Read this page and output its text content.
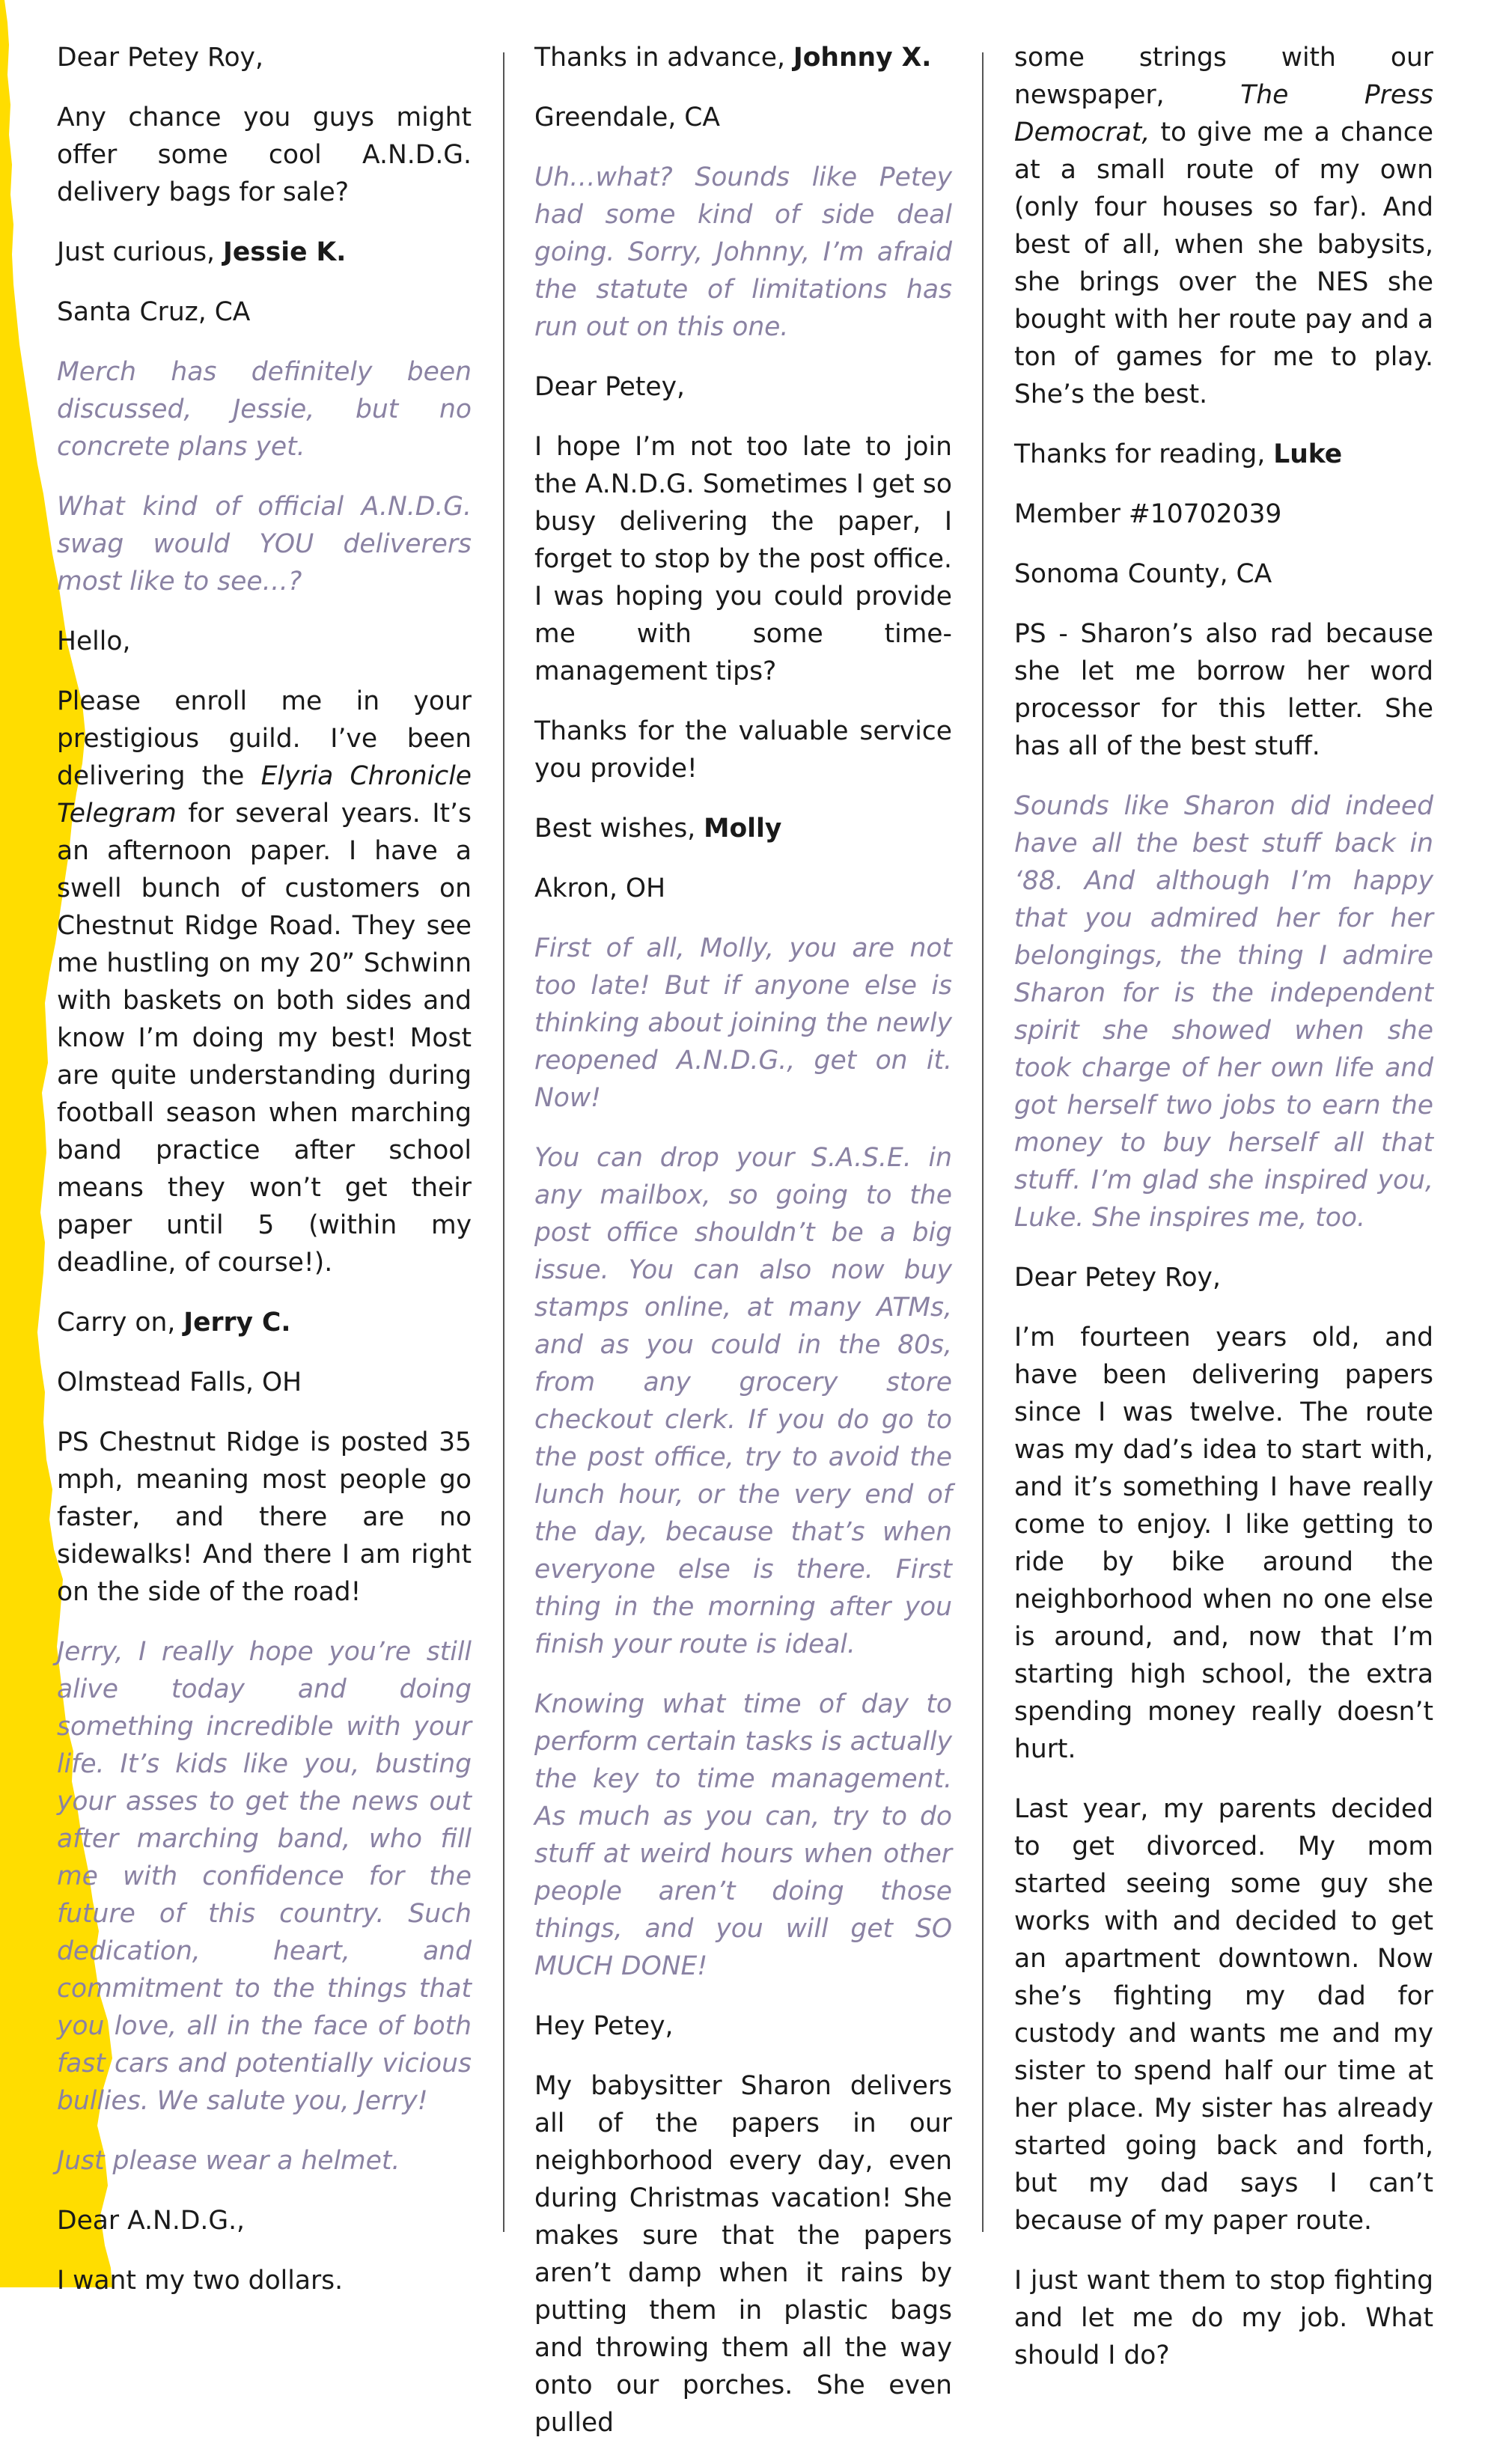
Dear Petey Roy,

Any chance you guys might offer some cool A.N.D.G. delivery bags for sale?

Just curious, Jessie K.

Santa Cruz, CA

Merch has definitely been discussed, Jessie, but no concrete plans yet.

What kind of official A.N.D.G. swag would YOU deliverers most like to see…?

Hello,

Please enroll me in your prestigious guild. I’ve been delivering the Elyria Chronicle Telegram for several years. It’s an afternoon paper. I have a swell bunch of customers on Chestnut Ridge Road. They see me hustling on my 20” Schwinn with baskets on both sides and know I’m doing my best! Most are quite understanding during football season when marching band practice after school means they won’t get their paper until 5 (within my deadline, of course!).

Carry on, Jerry C.

Olmstead Falls, OH

PS Chestnut Ridge is posted 35 mph, meaning most people go faster, and there are no sidewalks! And there I am right on the side of the road!

Jerry, I really hope you’re still alive today and doing something incredible with your life. It’s kids like you, busting your asses to get the news out after marching band, who fill me with confidence for the future of this country. Such dedication, heart, and commitment to the things that you love, all in the face of both fast cars and potentially vicious bullies. We salute you, Jerry!

Just please wear a helmet.

Dear A.N.D.G.,

I want my two dollars.

Thanks in advance, Johnny X.

Greendale, CA

Uh…what? Sounds like Petey had some kind of side deal going. Sorry, Johnny, I’m afraid the statute of limitations has run out on this one.

Dear Petey,

I hope I’m not too late to join the A.N.D.G. Sometimes I get so busy delivering the paper, I forget to stop by the post office. I was hoping you could provide me with some time-management tips?

Thanks for the valuable service you provide!

Best wishes, Molly

Akron, OH

First of all, Molly, you are not too late! But if anyone else is thinking about joining the newly reopened A.N.D.G., get on it. Now!

You can drop your S.A.S.E. in any mailbox, so going to the post office shouldn’t be a big issue. You can also now buy stamps online, at many ATMs, and as you could in the 80s, from any grocery store checkout clerk. If you do go to the post office, try to avoid the lunch hour, or the very end of the day, because that’s when everyone else is there. First thing in the morning after you finish your route is ideal.

Knowing what time of day to perform certain tasks is actually the key to time management. As much as you can, try to do stuff at weird hours when other people aren’t doing those things, and you will get SO MUCH DONE!

Hey Petey,

My babysitter Sharon delivers all of the papers in our neighborhood every day, even during Christmas vacation! She makes sure that the papers aren’t damp when it rains by putting them in plastic bags and throwing them all the way onto our porches. She even pulled

some strings with our newspaper, The Press Democrat, to give me a chance at a small route of my own (only four houses so far). And best of all, when she babysits, she brings over the NES she bought with her route pay and a ton of games for me to play. She’s the best.

Thanks for reading, Luke

Member #10702039

Sonoma County, CA

PS - Sharon’s also rad because she let me borrow her word processor for this letter. She has all of the best stuff.

Sounds like Sharon did indeed have all the best stuff back in ‘88. And although I’m happy that you admired her for her belongings, the thing I admire Sharon for is the independent spirit she showed when she took charge of her own life and got herself two jobs to earn the money to buy herself all that stuff. I’m glad she inspired you, Luke. She inspires me, too.

Dear Petey Roy,

I’m fourteen years old, and have been delivering papers since I was twelve. The route was my dad’s idea to start with, and it’s something I have really come to enjoy. I like getting to ride by bike around the neighborhood when no one else is around, and, now that I’m starting high school, the extra spending money really doesn’t hurt.

Last year, my parents decided to get divorced. My mom started seeing some guy she works with and decided to get an apartment downtown. Now she’s fighting my dad for custody and wants me and my sister to spend half our time at her place. My sister has already started going back and forth, but my dad says I can’t because of my paper route.

I just want them to stop fighting and let me do my job. What should I do?
